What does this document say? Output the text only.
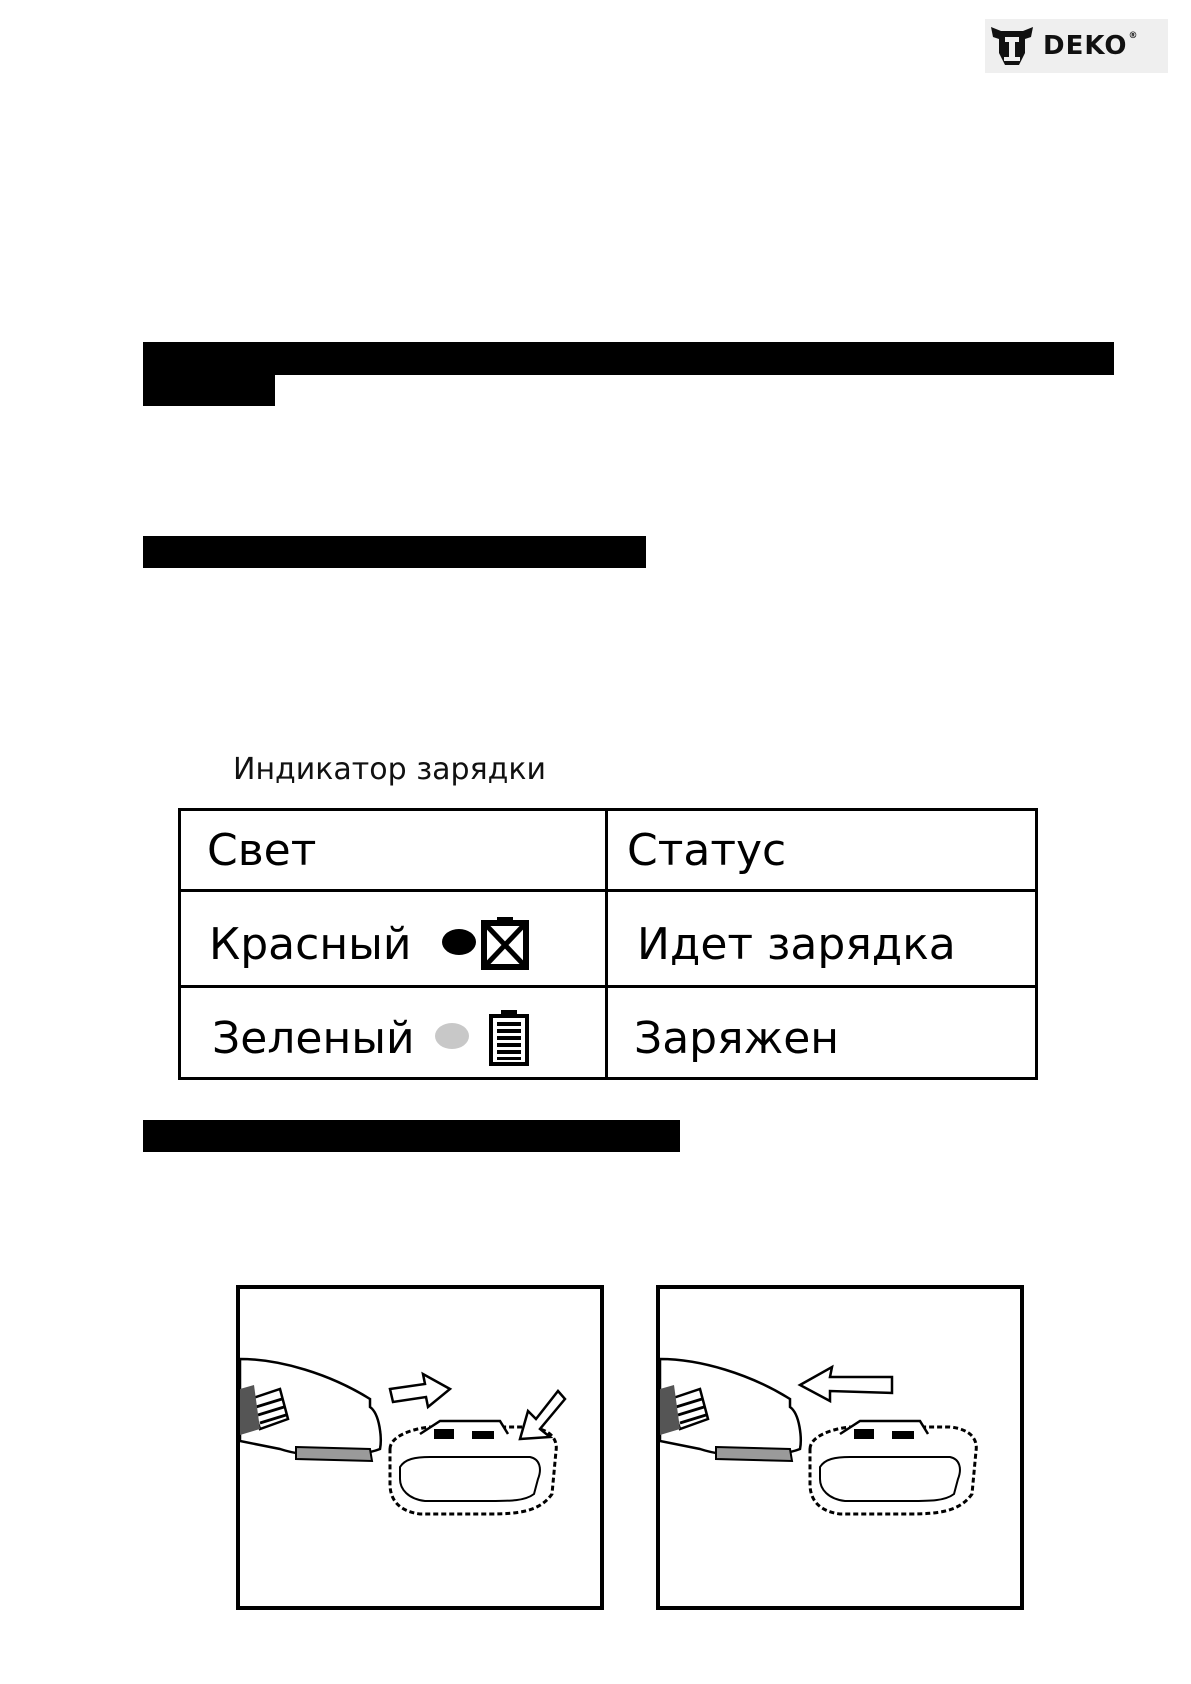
DEKO®
Индикатор зарядки
Свет	Статус
Красный	Идет зарядка
Зеленый	Заряжен
